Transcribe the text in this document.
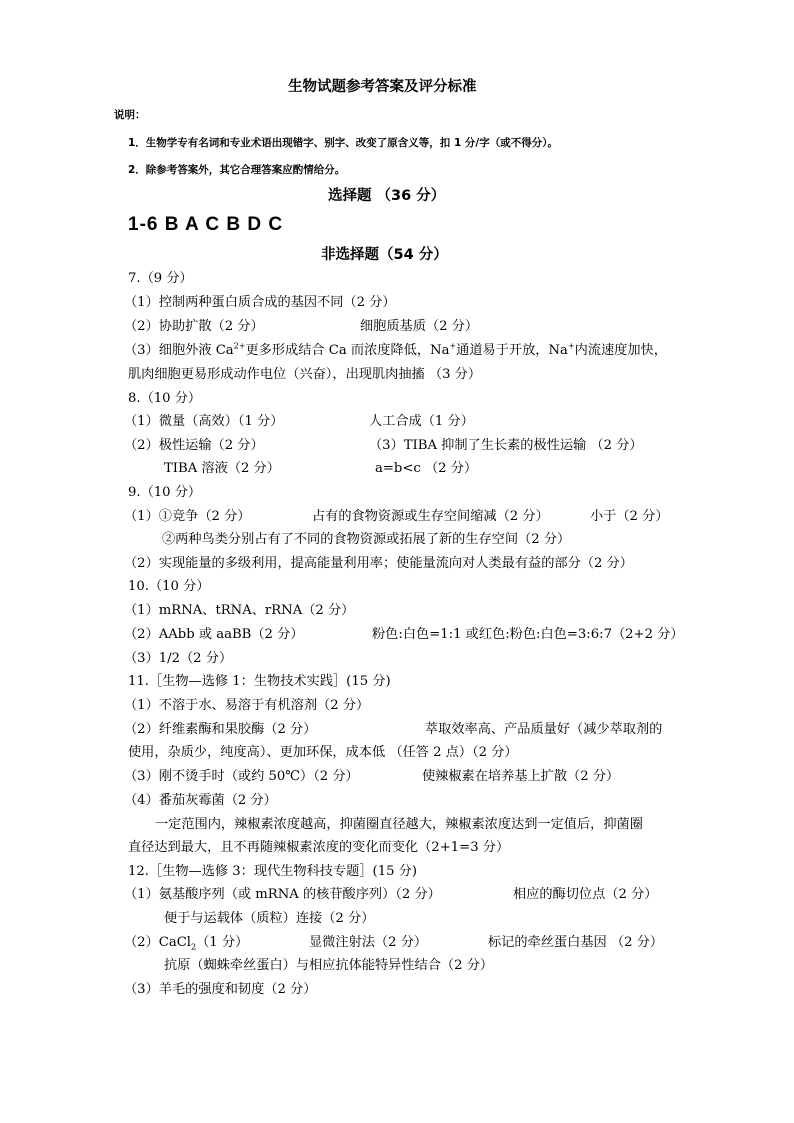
生物试题参考答案及评分标准
说明：
1．生物学专有名词和专业术语出现错字、别字、改变了原含义等，扣 1 分/字（或不得分）。
2．除参考答案外，其它合理答案应酌情给分。
选择题 （36 分）
1-6 B A C B D C
非选择题（54 分）
7.（9 分）
（1）控制两种蛋白质合成的基因不同（2 分）
（2）协助扩散（2 分）	细胞质基质（2 分）
（3）细胞外液 $Ca^{2+}$更多形成结合 Ca 而浓度降低，Na+通道易于开放，Na+内流速度加快，
肌肉细胞更易形成动作电位（兴奋），出现肌肉抽搐 （3 分）
8.（10 分）
（1）微量（高效）（1 分）	人工合成（1 分）
（2）极性运输（2 分）	（3）TIBA 抑制了生长素的极性运输 （2 分）
TIBA 溶液（2 分）	a=b<c （2 分）
9.（10 分）
（1）①竞争（2 分）	占有的食物资源或生存空间缩减（2 分）	小于（2 分）
②两种鸟类分别占有了不同的食物资源或拓展了新的生存空间（2 分）
（2）实现能量的多级利用，提高能量利用率；使能量流向对人类最有益的部分（2 分）
10.（10 分）
（1）mRNA、tRNA、rRNA（2 分）
（2）AAbb 或 aaBB（2 分）	粉色:白色=1:1 或红色:粉色:白色=3:6:7（2+2 分）
（3）1/2（2 分）
11.［生物—选修 1：生物技术实践］(15 分)
（1）不溶于水、易溶于有机溶剂（2 分）
（2）纤维素酶和果胶酶（2 分）	萃取效率高、产品质量好（减少萃取剂的
使用，杂质少，纯度高）、更加环保，成本低 （任答 2 点）（2 分）
（3）刚不烫手时（或约 50℃）（2 分）	使辣椒素在培养基上扩散（2 分）
（4）番茄灰霉菌（2 分）
一定范围内，辣椒素浓度越高，抑菌圈直径越大，辣椒素浓度达到一定值后，抑菌圈
直径达到最大，且不再随辣椒素浓度的变化而变化（2+1=3 分）
12.［生物—选修 3：现代生物科技专题］(15 分)
（1）氨基酸序列（或 mRNA 的核苷酸序列）（2 分）	相应的酶切位点（2 分）
便于与运载体（质粒）连接（2 分）
（2）CaCl$_2$（1 分）	显微注射法（2 分）	标记的牵丝蛋白基因 （2 分）
抗原（蜘蛛牵丝蛋白）与相应抗体能特异性结合（2 分）
（3）羊毛的强度和韧度（2 分）
